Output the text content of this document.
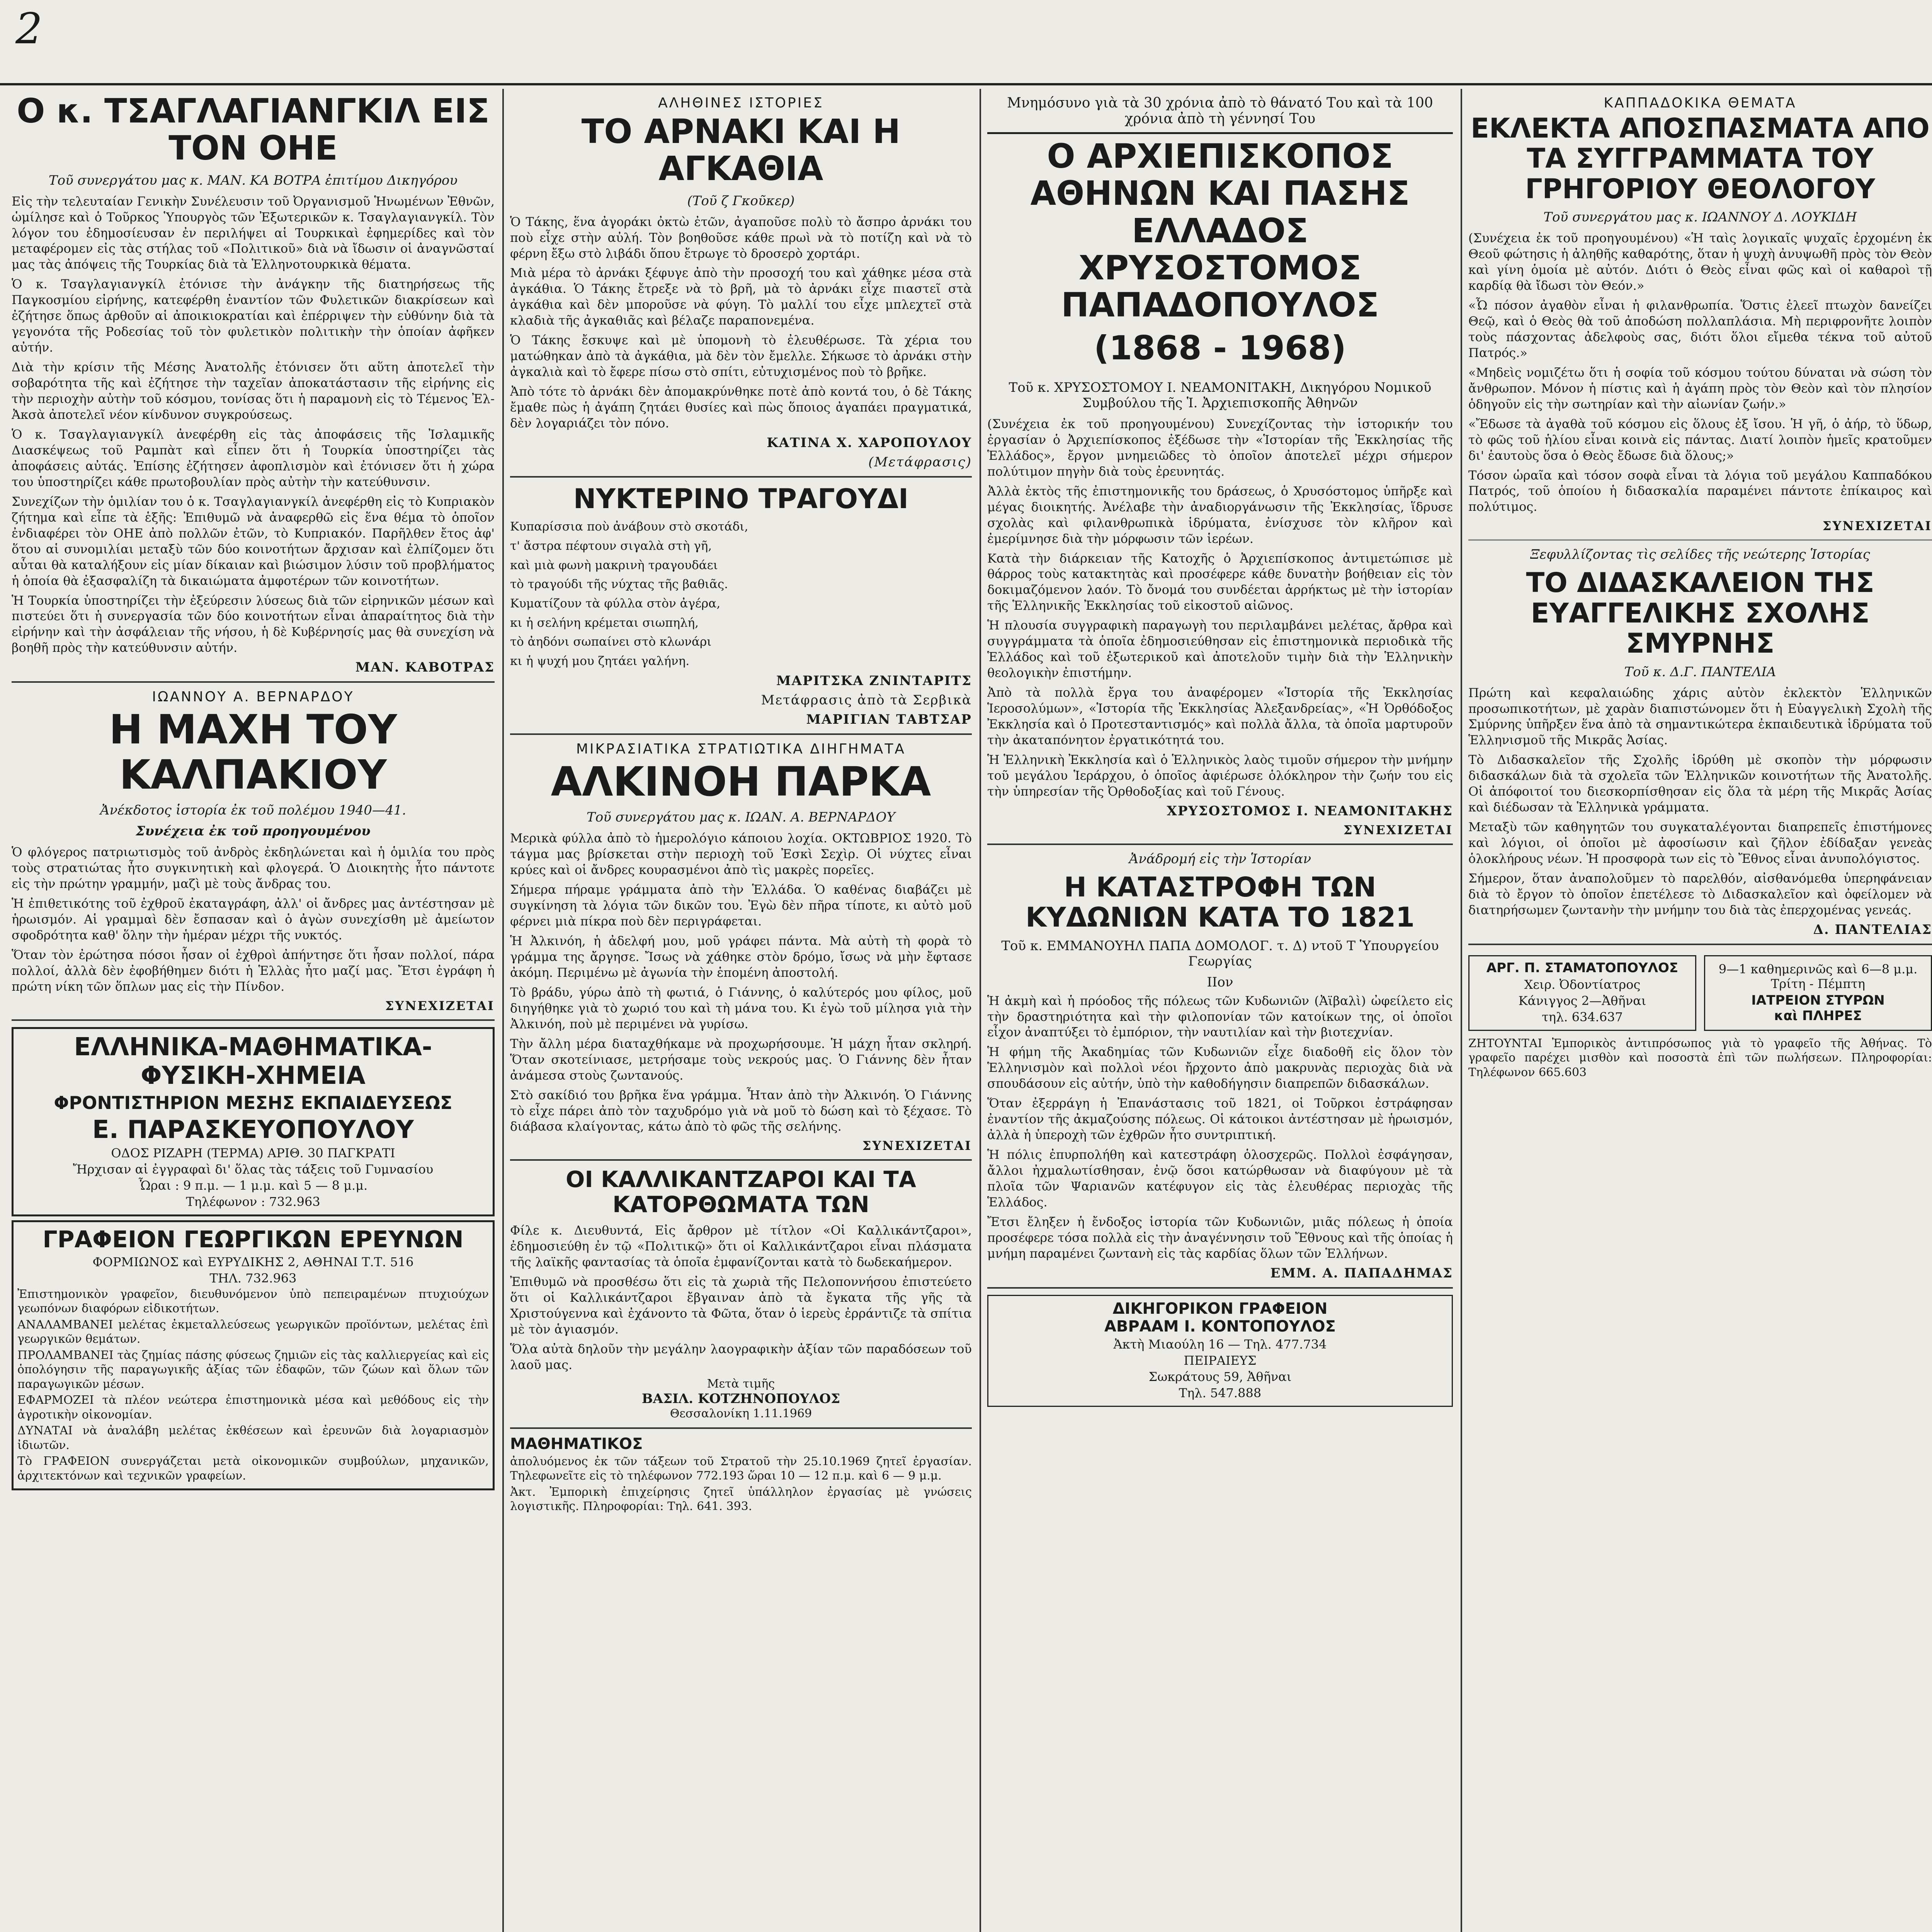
2
Ο κ. ΤΣΑΓΛΑΓΙΑΝΓΚΙΛ ΕΙΣ ΤΟΝ ΟΗΕ
Τοῦ συνεργάτου μας κ. ΜΑΝ. ΚΑ ΒΟΤΡΑ ἐπιτίμου Δικηγόρου

Εἰς τὴν τελευταίαν Γενικὴν Συνέλευσιν τοῦ Ὀργανισμοῦ Ἡνωμένων Ἐθνῶν, ὡμίλησε καὶ ὁ Τοῦρκος Ὑπουργὸς τῶν Ἐξωτερικῶν κ. Τσαγλαγιανγκίλ. Τὸν λόγον του ἐδημοσίευσαν ἐν περιλήψει αἱ Τουρκικαὶ ἐφημερίδες καὶ τὸν μεταφέρομεν εἰς τὰς στήλας τοῦ «Πολιτικοῦ» διὰ νὰ ἴδωσιν οἱ ἀναγνῶσταί μας τὰς ἀπόψεις τῆς Τουρκίας διὰ τὰ Ἑλληνοτουρκικὰ θέματα.

Ὁ κ. Τσαγλαγιανγκίλ ἐτόνισε τὴν ἀνάγκην τῆς διατηρήσεως τῆς Παγκοσμίου εἰρήνης, κατεφέρθη ἐναντίον τῶν Φυλετικῶν διακρίσεων καὶ ἐζήτησε ὅπως ἀρθοῦν αἱ ἀποικιοκρατίαι καὶ ἐπέρριψεν τὴν εὐθύνην διὰ τὰ γεγονότα τῆς Ροδεσίας τοῦ τὸν φυλετικὸν πολιτικὴν τὴν ὁποίαν ἀφῆκεν αὐτήν.

Διὰ τὴν κρίσιν τῆς Μέσης Ἀνατολῆς ἐτόνισεν ὅτι αὕτη ἀποτελεῖ τὴν σοβαρότητα τῆς καὶ ἐζήτησε τὴν ταχεῖαν ἀποκατάστασιν τῆς εἰρήνης εἰς τὴν περιοχὴν αὐτὴν τοῦ κόσμου, τονίσας ὅτι ἡ παραμονὴ εἰς τὸ Τέμενος Ἐλ-Ἀκσὰ ἀποτελεῖ νέον κίνδυνον συγκρούσεως.

Ὁ κ. Τσαγλαγιανγκίλ ἀνεφέρθη εἰς τὰς ἀποφάσεις τῆς Ἰσλαμικῆς Διασκέψεως τοῦ Ραμπὰτ καὶ εἶπεν ὅτι ἡ Τουρκία ὑποστηρίζει τὰς ἀποφάσεις αὐτάς. Ἐπίσης ἐζήτησεν ἀφοπλισμὸν καὶ ἐτόνισεν ὅτι ἡ χώρα του ὑποστηρίζει κάθε πρωτοβουλίαν πρὸς αὐτὴν τὴν κατεύθυνσιν.

Συνεχίζων τὴν ὁμιλίαν του ὁ κ. Τσαγλαγιανγκίλ ἀνεφέρθη εἰς τὸ Κυπριακὸν ζήτημα καὶ εἶπε τὰ ἑξῆς: Ἐπιθυμῶ νὰ ἀναφερθῶ εἰς ἕνα θέμα τὸ ὁποῖον ἐνδιαφέρει τὸν ΟΗΕ ἀπὸ πολλῶν ἐτῶν, τὸ Κυπριακόν. Παρῆλθεν ἔτος ἀφ' ὅτου αἱ συνομιλίαι μεταξὺ τῶν δύο κοινοτήτων ἄρχισαν καὶ ἐλπίζομεν ὅτι αὗται θὰ καταλήξουν εἰς μίαν δίκαιαν καὶ βιώσιμον λύσιν τοῦ προβλήματος ἡ ὁποία θὰ ἐξασφαλίζη τὰ δικαιώματα ἀμφοτέρων τῶν κοινοτήτων.

Ἡ Τουρκία ὑποστηρίζει τὴν ἐξεύρεσιν λύσεως διὰ τῶν εἰρηνικῶν μέσων καὶ πιστεύει ὅτι ἡ συνεργασία τῶν δύο κοινοτήτων εἶναι ἀπαραίτητος διὰ τὴν εἰρήνην καὶ τὴν ἀσφάλειαν τῆς νήσου, ἡ δὲ Κυβέρνησίς μας θὰ συνεχίση νὰ βοηθῆ πρὸς τὴν κατεύθυνσιν αὐτήν.

ΜΑΝ. ΚΑΒΟΤΡΑΣ
ΙΩΑΝΝΟΥ Α. ΒΕΡΝΑΡΔΟΥ
Η ΜΑΧΗ ΤΟΥ ΚΑΛΠΑΚΙΟΥ
Ἀνέκδοτος ἱστορία ἐκ τοῦ πολέμου 1940—41.
Συνέχεια ἐκ τοῦ προηγουμένου

Ὁ φλόγερος πατριωτισμὸς τοῦ ἀνδρὸς ἐκδηλώνεται καὶ ἡ ὁμιλία του πρὸς τοὺς στρατιώτας ἦτο συγκινητικὴ καὶ φλογερά. Ὁ Διοικητὴς ἦτο πάντοτε εἰς τὴν πρώτην γραμμήν, μαζὶ μὲ τοὺς ἄνδρας του.

Ἡ ἐπιθετικότης τοῦ ἐχθροῦ ἐκαταγράφη, ἀλλ' οἱ ἄνδρες μας ἀντέστησαν μὲ ἡρωισμόν. Αἱ γραμμαὶ δὲν ἔσπασαν καὶ ὁ ἀγὼν συνεχίσθη μὲ ἀμείωτον σφοδρότητα καθ' ὅλην τὴν ἡμέραν μέχρι τῆς νυκτός.

Ὅταν τὸν ἐρώτησα πόσοι ἦσαν οἱ ἐχθροὶ ἀπήντησε ὅτι ἦσαν πολλοί, πάρα πολλοί, ἀλλὰ δὲν ἐφοβήθημεν διότι ἡ Ἑλλὰς ἦτο μαζί μας. Ἔτσι ἐγράφη ἡ πρώτη νίκη τῶν ὅπλων μας εἰς τὴν Πίνδον.

ΣΥΝΕΧΙΖΕΤΑΙ
ΕΛΛΗΝΙΚΑ-ΜΑΘΗΜΑΤΙΚΑ-ΦΥΣΙΚΗ-ΧΗΜΕΙΑ
ΦΡΟΝΤΙΣΤΗΡΙΟΝ ΜΕΣΗΣ ΕΚΠΑΙΔΕΥΣΕΩΣ
Ε. ΠΑΡΑΣΚΕΥΟΠΟΥΛΟΥ
ΟΔΟΣ ΡΙΖΑΡΗ (ΤΕΡΜΑ) ΑΡΙΘ. 30 ΠΑΓΚΡΑΤΙ
Ἤρχισαν αἱ ἐγγραφαὶ δι' ὅλας τὰς τάξεις τοῦ Γυμνασίου
Ὧραι : 9 π.μ. — 1 μ.μ. καὶ 5 — 8 μ.μ.
Τηλέφωνον : 732.963
ΓΡΑΦΕΙΟΝ ΓΕΩΡΓΙΚΩΝ ΕΡΕΥΝΩΝ
ΦΟΡΜΙΩΝΟΣ καὶ ΕΥΡΥΔΙΚΗΣ 2, ΑΘΗΝΑΙ Τ.Τ. 516
ΤΗΛ. 732.963

Ἐπιστημονικὸν γραφεῖον, διευθυνόμενον ὑπὸ πεπειραμένων πτυχιούχων γεωπόνων διαφόρων εἰδικοτήτων.

ΑΝΑΛΑΜΒΑΝΕΙ μελέτας ἐκμεταλλεύσεως γεωργικῶν προϊόντων, μελέτας ἐπὶ γεωργικῶν θεμάτων.

ΠΡΟΛΑΜΒΑΝΕΙ τὰς ζημίας πάσης φύσεως ζημιῶν εἰς τὰς καλλιεργείας καὶ εἰς ὁπολόγησιν τῆς παραγωγικῆς ἀξίας τῶν ἐδαφῶν, τῶν ζώων καὶ ὅλων τῶν παραγωγικῶν μέσων.

ΕΦΑΡΜΟΖΕΙ τὰ πλέον νεώτερα ἐπιστημονικὰ μέσα καὶ μεθόδους εἰς τὴν ἀγροτικὴν οἰκονομίαν.

ΔΥΝΑΤΑΙ νὰ ἀναλάβη μελέτας ἐκθέσεων καὶ ἐρευνῶν διὰ λογαριασμὸν ἰδιωτῶν.

Τὸ ΓΡΑΦΕΙΟΝ συνεργάζεται μετὰ οἰκονομικῶν συμβούλων, μηχανικῶν, ἀρχιτεκτόνων καὶ τεχνικῶν γραφείων.

ΑΛΗΘΙΝΕΣ ΙΣΤΟΡΙΕΣ
ΤΟ ΑΡΝΑΚΙ ΚΑΙ Η ΑΓΚΑΘΙΑ
(Τοῦ ζ Γκοῦκερ)

Ὁ Τάκης, ἕνα ἀγοράκι ὀκτὼ ἐτῶν, ἀγαποῦσε πολὺ τὸ ἄσπρο ἀρνάκι του ποὺ εἶχε στὴν αὐλή. Τὸν βοηθοῦσε κάθε πρωὶ νὰ τὸ ποτίζη καὶ νὰ τὸ φέρνη ἔξω στὸ λιβάδι ὅπου ἔτρωγε τὸ δροσερὸ χορτάρι.

Μιὰ μέρα τὸ ἀρνάκι ξέφυγε ἀπὸ τὴν προσοχή του καὶ χάθηκε μέσα στὰ ἀγκάθια. Ὁ Τάκης ἔτρεξε νὰ τὸ βρῆ, μὰ τὸ ἀρνάκι εἶχε πιαστεῖ στὰ ἀγκάθια καὶ δὲν μποροῦσε νὰ φύγη. Τὸ μαλλί του εἶχε μπλεχτεῖ στὰ κλαδιὰ τῆς ἀγκαθιᾶς καὶ βέλαζε παραπονεμένα.

Ὁ Τάκης ἔσκυψε καὶ μὲ ὑπομονὴ τὸ ἐλευθέρωσε. Τὰ χέρια του ματώθηκαν ἀπὸ τὰ ἀγκάθια, μὰ δὲν τὸν ἔμελλε. Σήκωσε τὸ ἀρνάκι στὴν ἀγκαλιὰ καὶ τὸ ἔφερε πίσω στὸ σπίτι, εὐτυχισμένος ποὺ τὸ βρῆκε.

Ἀπὸ τότε τὸ ἀρνάκι δὲν ἀπομακρύνθηκε ποτὲ ἀπὸ κοντά του, ὁ δὲ Τάκης ἔμαθε πὼς ἡ ἀγάπη ζητάει θυσίες καὶ πὼς ὅποιος ἀγαπάει πραγματικά, δὲν λογαριάζει τὸν πόνο.

ΚΑΤΙΝΑ Χ. ΧΑΡΟΠΟΥΛΟΥ
(Μετάφρασις)
ΝΥΚΤΕΡΙΝΟ ΤΡΑΓΟΥΔΙ
Κυπαρίσσια ποὺ ἀνάβουν στὸ σκοτάδι,
τ' ἄστρα πέφτουν σιγαλὰ στὴ γῆ,
καὶ μιὰ φωνὴ μακρινὴ τραγουδάει
τὸ τραγούδι τῆς νύχτας τῆς βαθιᾶς.
Κυματίζουν τὰ φύλλα στὸν ἀγέρα,
κι ἡ σελήνη κρέμεται σιωπηλή,
τὸ ἀηδόνι σωπαίνει στὸ κλωνάρι
κι ἡ ψυχή μου ζητάει γαλήνη.
ΜΑΡΙΤΣΚΑ ΖΝΙΝΤΑΡΙΤΣ
Μετάφρασις ἀπὸ τὰ Σερβικὰ
ΜΑΡΙΓΙΑΝ ΤΑΒΤΣΑΡ
ΜΙΚΡΑΣΙΑΤΙΚΑ ΣΤΡΑΤΙΩΤΙΚΑ ΔΙΗΓΗΜΑΤΑ
ΑΛΚΙΝΟΗ ΠΑΡΚΑ
Τοῦ συνεργάτου μας κ. ΙΩΑΝ. Α. ΒΕΡΝΑΡΔΟΥ

Μερικὰ φύλλα ἀπὸ τὸ ἡμερολόγιο κάποιου λοχία. ΟΚΤΩΒΡΙΟΣ 1920. Τὸ τάγμα μας βρίσκεται στὴν περιοχὴ τοῦ Ἐσκὶ Σεχὶρ. Οἱ νύχτες εἶναι κρύες καὶ οἱ ἄνδρες κουρασμένοι ἀπὸ τὶς μακρὲς πορεῖες.

Σήμερα πήραμε γράμματα ἀπὸ τὴν Ἑλλάδα. Ὁ καθένας διαβάζει μὲ συγκίνηση τὰ λόγια τῶν δικῶν του. Ἐγὼ δὲν πῆρα τίποτε, κι αὐτὸ μοῦ φέρνει μιὰ πίκρα ποὺ δὲν περιγράφεται.

Ἡ Ἀλκινόη, ἡ ἀδελφή μου, μοῦ γράφει πάντα. Μὰ αὐτὴ τὴ φορὰ τὸ γράμμα της ἄργησε. Ἴσως νὰ χάθηκε στὸν δρόμο, ἴσως νὰ μὴν ἔφτασε ἀκόμη. Περιμένω μὲ ἀγωνία τὴν ἑπομένη ἀποστολή.

Τὸ βράδυ, γύρω ἀπὸ τὴ φωτιά, ὁ Γιάννης, ὁ καλύτερός μου φίλος, μοῦ διηγήθηκε γιὰ τὸ χωριό του καὶ τὴ μάνα του. Κι ἐγὼ τοῦ μίλησα γιὰ τὴν Ἀλκινόη, ποὺ μὲ περιμένει νὰ γυρίσω.

Τὴν ἄλλη μέρα διαταχθήκαμε νὰ προχωρήσουμε. Ἡ μάχη ἦταν σκληρή. Ὅταν σκοτείνιασε, μετρήσαμε τοὺς νεκρούς μας. Ὁ Γιάννης δὲν ἦταν ἀνάμεσα στοὺς ζωντανούς.

Στὸ σακίδιό του βρῆκα ἕνα γράμμα. Ἦταν ἀπὸ τὴν Ἀλκινόη. Ὁ Γιάννης τὸ εἶχε πάρει ἀπὸ τὸν ταχυδρόμο γιὰ νὰ μοῦ τὸ δώση καὶ τὸ ξέχασε. Τὸ διάβασα κλαίγοντας, κάτω ἀπὸ τὸ φῶς τῆς σελήνης.

ΣΥΝΕΧΙΖΕΤΑΙ
ΟΙ ΚΑΛΛΙΚΑΝΤΖΑΡΟΙ ΚΑΙ ΤΑ ΚΑΤΟΡΘΩΜΑΤΑ ΤΩΝ

Φίλε κ. Διευθυντά, Εἰς ἄρθρον μὲ τίτλον «Οἱ Καλλικάντζαροι», ἐδημοσιεύθη ἐν τῷ «Πολιτικῷ» ὅτι οἱ Καλλικάντζαροι εἶναι πλάσματα τῆς λαϊκῆς φαντασίας τὰ ὁποῖα ἐμφανίζονται κατὰ τὸ δωδεκαήμερον.

Ἐπιθυμῶ νὰ προσθέσω ὅτι εἰς τὰ χωριὰ τῆς Πελοποννήσου ἐπιστεύετο ὅτι οἱ Καλλικάντζαροι ἔβγαιναν ἀπὸ τὰ ἔγκατα τῆς γῆς τὰ Χριστούγεννα καὶ ἐχάνοντο τὰ Φῶτα, ὅταν ὁ ἱερεὺς ἐρράντιζε τὰ σπίτια μὲ τὸν ἁγιασμόν.

Ὅλα αὐτὰ δηλοῦν τὴν μεγάλην λαογραφικὴν ἀξίαν τῶν παραδόσεων τοῦ λαοῦ μας.

Μετὰ τιμῆς
ΒΑΣΙΛ. ΚΟΤΖΗΝΟΠΟΥΛΟΣ
Θεσσαλονίκη 1.11.1969
ΜΑΘΗΜΑΤΙΚΟΣ

ἀπολυόμενος ἐκ τῶν τάξεων τοῦ Στρατοῦ τὴν 25.10.1969 ζητεῖ ἐργασίαν. Τηλεφωνεῖτε εἰς τὸ τηλέφωνον 772.193 ὥραι 10 — 12 π.μ. καὶ 6 — 9 μ.μ.

Ἀκτ. Ἐμπορικὴ ἐπιχείρησις ζητεῖ ὑπάλληλον ἐργασίας μὲ γνώσεις λογιστικῆς. Πληροφορίαι: Τηλ. 641. 393.

Μνημόσυνο γιὰ τὰ 30 χρόνια ἀπὸ τὸ θάνατό Του καὶ τὰ 100 χρόνια ἀπὸ τὴ γέννησί Του
Ο ΑΡΧΙΕΠΙΣΚΟΠΟΣ ΑΘΗΝΩΝ ΚΑΙ ΠΑΣΗΣ ΕΛΛΑΔΟΣ ΧΡΥΣΟΣΤΟΜΟΣ ΠΑΠΑΔΟΠΟΥΛΟΣ
(1868 - 1968)
Τοῦ κ. ΧΡΥΣΟΣΤΟΜΟΥ Ι. ΝΕΑΜΟΝΙΤΑΚΗ, Δικηγόρου Νομικοῦ Συμβούλου τῆς Ἱ. Ἀρχιεπισκοπῆς Ἀθηνῶν

(Συνέχεια ἐκ τοῦ προηγουμένου) Συνεχίζοντας τὴν ἱστορικήν του ἐργασίαν ὁ Ἀρχιεπίσκοπος ἐξέδωσε τὴν «Ἱστορίαν τῆς Ἐκκλησίας τῆς Ἑλλάδος», ἔργον μνημειῶδες τὸ ὁποῖον ἀποτελεῖ μέχρι σήμερον πολύτιμον πηγὴν διὰ τοὺς ἐρευνητάς.

Ἀλλὰ ἐκτὸς τῆς ἐπιστημονικῆς του δράσεως, ὁ Χρυσόστομος ὑπῆρξε καὶ μέγας διοικητής. Ἀνέλαβε τὴν ἀναδιοργάνωσιν τῆς Ἐκκλησίας, ἵδρυσε σχολὰς καὶ φιλανθρωπικὰ ἱδρύματα, ἐνίσχυσε τὸν κλῆρον καὶ ἐμερίμνησε διὰ τὴν μόρφωσιν τῶν ἱερέων.

Κατὰ τὴν διάρκειαν τῆς Κατοχῆς ὁ Ἀρχιεπίσκοπος ἀντιμετώπισε μὲ θάρρος τοὺς κατακτητὰς καὶ προσέφερε κάθε δυνατὴν βοήθειαν εἰς τὸν δοκιμαζόμενον λαόν. Τὸ ὄνομά του συνδέεται ἀρρήκτως μὲ τὴν ἱστορίαν τῆς Ἑλληνικῆς Ἐκκλησίας τοῦ εἰκοστοῦ αἰῶνος.

Ἡ πλουσία συγγραφικὴ παραγωγὴ του περιλαμβάνει μελέτας, ἄρθρα καὶ συγγράμματα τὰ ὁποῖα ἐδημοσιεύθησαν εἰς ἐπιστημονικὰ περιοδικὰ τῆς Ἑλλάδος καὶ τοῦ ἐξωτερικοῦ καὶ ἀποτελοῦν τιμὴν διὰ τὴν Ἑλληνικὴν θεολογικὴν ἐπιστήμην.

Ἀπὸ τὰ πολλὰ ἔργα του ἀναφέρομεν «Ἱστορία τῆς Ἐκκλησίας Ἱεροσολύμων», «Ἱστορία τῆς Ἐκκλησίας Ἀλεξανδρείας», «Ἡ Ὀρθόδοξος Ἐκκλησία καὶ ὁ Προτεσταντισμός» καὶ πολλὰ ἄλλα, τὰ ὁποῖα μαρτυροῦν τὴν ἀκαταπόνητον ἐργατικότητά του.

Ἡ Ἑλληνικὴ Ἐκκλησία καὶ ὁ Ἑλληνικὸς λαὸς τιμοῦν σήμερον τὴν μνήμην τοῦ μεγάλου Ἱεράρχου, ὁ ὁποῖος ἀφιέρωσε ὁλόκληρον τὴν ζωήν του εἰς τὴν ὑπηρεσίαν τῆς Ὀρθοδοξίας καὶ τοῦ Γένους.

ΧΡΥΣΟΣΤΟΜΟΣ Ι. ΝΕΑΜΟΝΙΤΑΚΗΣ
ΣΥΝΕΧΙΖΕΤΑΙ
Ἀνάδρομή εἰς τὴν Ἱστορίαν
Η ΚΑΤΑΣΤΡΟΦΗ ΤΩΝ ΚΥΔΩΝΙΩΝ ΚΑΤΑ ΤΟ 1821
Τοῦ κ. ΕΜΜΑΝΟΥΗΛ ΠΑΠΑ ΔΟΜΟΛΟΓ. τ. Δ) ντοῦ Τ Ὑπουργείου Γεωργίας
ΙΙον

Ἡ ἀκμὴ καὶ ἡ πρόοδος τῆς πόλεως τῶν Κυδωνιῶν (Ἀϊβαλὶ) ὠφείλετο εἰς τὴν δραστηριότητα καὶ τὴν φιλοπονίαν τῶν κατοίκων της, οἱ ὁποῖοι εἶχον ἀναπτύξει τὸ ἐμπόριον, τὴν ναυτιλίαν καὶ τὴν βιοτεχνίαν.

Ἡ φήμη τῆς Ἀκαδημίας τῶν Κυδωνιῶν εἶχε διαδοθῆ εἰς ὅλον τὸν Ἑλληνισμὸν καὶ πολλοὶ νέοι ἤρχοντο ἀπὸ μακρυνὰς περιοχὰς διὰ νὰ σπουδάσουν εἰς αὐτήν, ὑπὸ τὴν καθοδήγησιν διαπρεπῶν διδασκάλων.

Ὅταν ἐξερράγη ἡ Ἐπανάστασις τοῦ 1821, οἱ Τοῦρκοι ἐστράφησαν ἐναντίον τῆς ἀκμαζούσης πόλεως. Οἱ κάτοικοι ἀντέστησαν μὲ ἡρωισμόν, ἀλλὰ ἡ ὑπεροχὴ τῶν ἐχθρῶν ἦτο συντριπτική.

Ἡ πόλις ἐπυρπολήθη καὶ κατεστράφη ὁλοσχερῶς. Πολλοὶ ἐσφάγησαν, ἄλλοι ἠχμαλωτίσθησαν, ἐνῷ ὅσοι κατώρθωσαν νὰ διαφύγουν μὲ τὰ πλοῖα τῶν Ψαριανῶν κατέφυγον εἰς τὰς ἐλευθέρας περιοχὰς τῆς Ἑλλάδος.

Ἔτσι ἔληξεν ἡ ἔνδοξος ἱστορία τῶν Κυδωνιῶν, μιᾶς πόλεως ἡ ὁποία προσέφερε τόσα πολλὰ εἰς τὴν ἀναγέννησιν τοῦ Ἔθνους καὶ τῆς ὁποίας ἡ μνήμη παραμένει ζωντανὴ εἰς τὰς καρδίας ὅλων τῶν Ἑλλήνων.

ΕΜΜ. Α. ΠΑΠΑΔΗΜΑΣ
ΔΙΚΗΓΟΡΙΚΟΝ ΓΡΑΦΕΙΟΝ
ΑΒΡΑΑΜ Ι. ΚΟΝΤΟΠΟΥΛΟΣ
Ἀκτὴ Μιαούλη 16 — Τηλ. 477.734
ΠΕΙΡΑΙΕΥΣ
Σωκράτους 59, Ἀθῆναι
Τηλ. 547.888
ΚΑΠΠΑΔΟΚΙΚΑ ΘΕΜΑΤΑ
ΕΚΛΕΚΤΑ ΑΠΟΣΠΑΣΜΑΤΑ ΑΠΟ ΤΑ ΣΥΓΓΡΑΜΜΑΤΑ ΤΟΥ ΓΡΗΓΟΡΙΟΥ ΘΕΟΛΟΓΟΥ
Τοῦ συνεργάτου μας κ. ΙΩΑΝΝΟΥ Δ. ΛΟΥΚΙΔΗ

(Συνέχεια ἐκ τοῦ προηγουμένου) «Ἡ ταὶς λογικαῖς ψυχαῖς ἐρχομένη ἐκ Θεοῦ φώτησις ἡ ἀληθῆς καθαρότης, ὅταν ἡ ψυχὴ ἀνυψωθῆ πρὸς τὸν Θεὸν καὶ γίνη ὁμοία μὲ αὐτόν. Διότι ὁ Θεὸς εἶναι φῶς καὶ οἱ καθαροὶ τῇ καρδίᾳ θὰ ἴδωσι τὸν Θεόν.»

«Ὦ πόσον ἀγαθὸν εἶναι ἡ φιλανθρωπία. Ὅστις ἐλεεῖ πτωχὸν δανείζει Θεῷ, καὶ ὁ Θεὸς θὰ τοῦ ἀποδώση πολλαπλάσια. Μὴ περιφρονῆτε λοιπὸν τοὺς πάσχοντας ἀδελφοὺς σας, διότι ὅλοι εἴμεθα τέκνα τοῦ αὐτοῦ Πατρός.»

«Μηδεὶς νομιζέτω ὅτι ἡ σοφία τοῦ κόσμου τούτου δύναται νὰ σώση τὸν ἄνθρωπον. Μόνον ἡ πίστις καὶ ἡ ἀγάπη πρὸς τὸν Θεὸν καὶ τὸν πλησίον ὁδηγοῦν εἰς τὴν σωτηρίαν καὶ τὴν αἰωνίαν ζωήν.»

«Ἔδωσε τὰ ἀγαθὰ τοῦ κόσμου εἰς ὅλους ἐξ ἴσου. Ἡ γῆ, ὁ ἀήρ, τὸ ὕδωρ, τὸ φῶς τοῦ ἡλίου εἶναι κοινὰ εἰς πάντας. Διατί λοιπὸν ἡμεῖς κρατοῦμεν δι' ἑαυτοὺς ὅσα ὁ Θεὸς ἔδωσε διὰ ὅλους;»

Τόσον ὡραῖα καὶ τόσον σοφὰ εἶναι τὰ λόγια τοῦ μεγάλου Καππαδόκου Πατρός, τοῦ ὁποίου ἡ διδασκαλία παραμένει πάντοτε ἐπίκαιρος καὶ πολύτιμος.

ΣΥΝΕΧΙΖΕΤΑΙ
Ξεφυλλίζοντας τὶς σελίδες τῆς νεώτερης Ἱστορίας
ΤΟ ΔΙΔΑΣΚΑΛΕΙΟΝ ΤΗΣ ΕΥΑΓΓΕΛΙΚΗΣ ΣΧΟΛΗΣ ΣΜΥΡΝΗΣ
Τοῦ κ. Δ.Γ. ΠΑΝΤΕΛΙΑ

Πρώτη καὶ κεφαλαιώδης χάρις αὐτὸν ἐκλεκτὸν Ἑλληνικῶν προσωπικοτήτων, μὲ χαρὰν διαπιστώνομεν ὅτι ἡ Εὐαγγελικὴ Σχολὴ τῆς Σμύρνης ὑπῆρξεν ἕνα ἀπὸ τὰ σημαντικώτερα ἐκπαιδευτικὰ ἱδρύματα τοῦ Ἑλληνισμοῦ τῆς Μικρᾶς Ἀσίας.

Τὸ Διδασκαλεῖον τῆς Σχολῆς ἱδρύθη μὲ σκοπὸν τὴν μόρφωσιν διδασκάλων διὰ τὰ σχολεῖα τῶν Ἑλληνικῶν κοινοτήτων τῆς Ἀνατολῆς. Οἱ ἀπόφοιτοί του διεσκορπίσθησαν εἰς ὅλα τὰ μέρη τῆς Μικρᾶς Ἀσίας καὶ διέδωσαν τὰ Ἑλληνικὰ γράμματα.

Μεταξὺ τῶν καθηγητῶν του συγκαταλέγονται διαπρεπεῖς ἐπιστήμονες καὶ λόγιοι, οἱ ὁποῖοι μὲ ἀφοσίωσιν καὶ ζῆλον ἐδίδαξαν γενεὰς ὁλοκλήρους νέων. Ἡ προσφορὰ των εἰς τὸ Ἔθνος εἶναι ἀνυπολόγιστος.

Σήμερον, ὅταν ἀναπολοῦμεν τὸ παρελθόν, αἰσθανόμεθα ὑπερηφάνειαν διὰ τὸ ἔργον τὸ ὁποῖον ἐπετέλεσε τὸ Διδασκαλεῖον καὶ ὀφείλομεν νὰ διατηρήσωμεν ζωντανὴν τὴν μνήμην του διὰ τὰς ἐπερχομένας γενεάς.

Δ. ΠΑΝΤΕΛΙΑΣ
ΑΡΓ. Π. ΣΤΑΜΑΤΟΠΟΥΛΟΣ
Χειρ. Ὀδοντίατρος
Κάνιγγος 2—Ἀθῆναι
τηλ. 634.637
9—1 καθημερινῶς καὶ 6—8 μ.μ. Τρίτη - Πέμπτη
ΙΑΤΡΕΙΟΝ ΣΤΥΡΩΝ
καὶ ΠΛΗΡΕΣ

ΖΗΤΟΥΝΤΑΙ Ἐμπορικὸς ἀντιπρόσωπος γιὰ τὸ γραφεῖο τῆς Ἀθήνας. Τὸ γραφεῖο παρέχει μισθὸν καὶ ποσοστὰ ἐπὶ τῶν πωλήσεων. Πληροφορίαι: Τηλέφωνον 665.603
